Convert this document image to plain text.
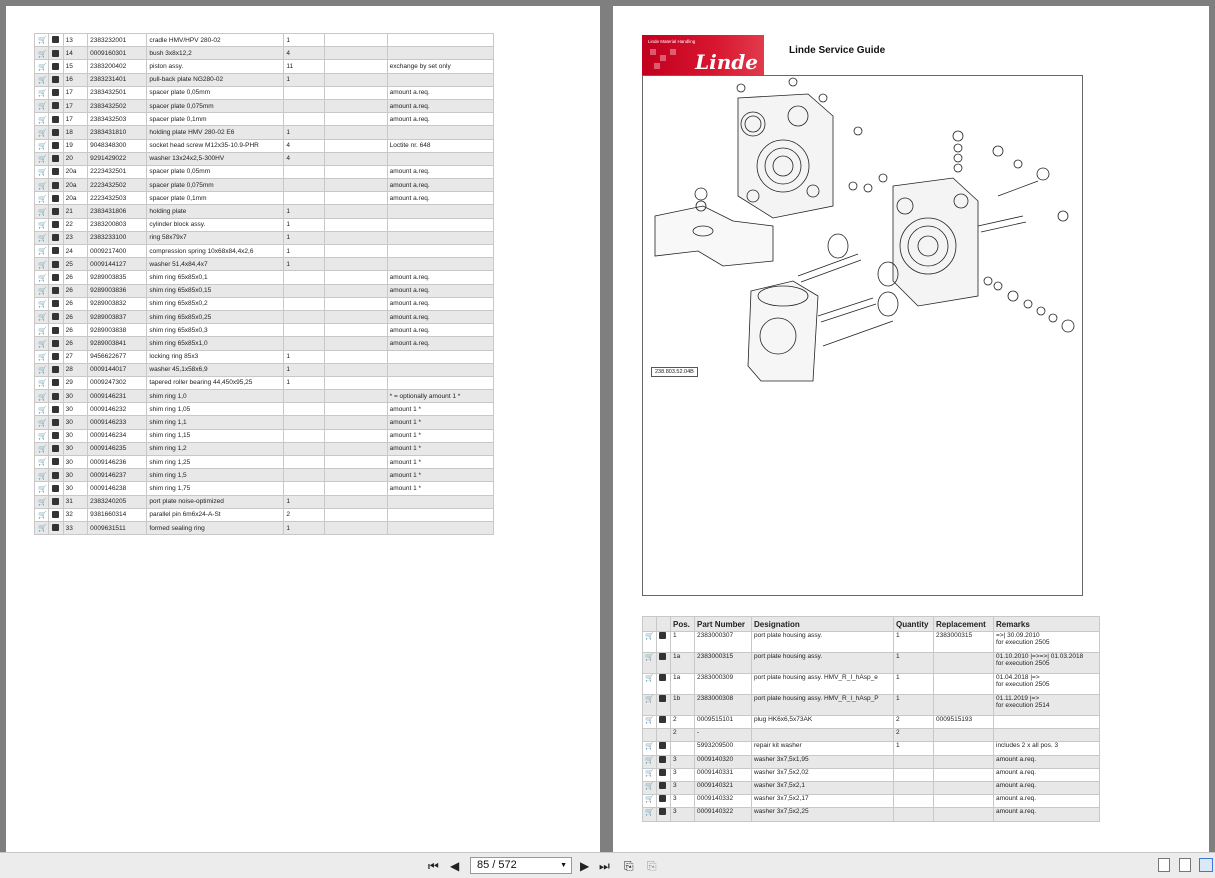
🛒		13	2383232001	cradle HMV/HPV 280-02	1		
🛒		14	0009160301	bush 3x8x12,2	4		
🛒		15	2383200402	piston assy.	11		exchange by set only
🛒		16	2383231401	pull-back plate NG280-02	1		
🛒		17	2383432501	spacer plate 0,05mm			amount a.req.
🛒		17	2383432502	spacer plate 0,075mm			amount a.req.
🛒		17	2383432503	spacer plate 0,1mm			amount a.req.
🛒		18	2383431810	holding plate HMV 280-02 E6	1		
🛒		19	9048348300	socket head screw M12x35-10.9-PHR	4		Loctite nr. 648
🛒		20	9291429022	washer 13x24x2,5-300HV	4		
🛒		20a	2223432501	spacer plate 0,05mm			amount a.req.
🛒		20a	2223432502	spacer plate 0,075mm			amount a.req.
🛒		20a	2223432503	spacer plate 0,1mm			amount a.req.
🛒		21	2383431806	holding plate	1		
🛒		22	2383200803	cylinder block assy.	1		
🛒		23	2383233100	ring 58x79x7	1		
🛒		24	0009217400	compression spring 10x68x84,4x2,6	1		
🛒		25	0009144127	washer 51,4x84,4x7	1		
🛒		26	9289003835	shim ring 65x85x0,1			amount a.req.
🛒		26	9289003836	shim ring 65x85x0,15			amount a.req.
🛒		26	9289003832	shim ring 65x85x0,2			amount a.req.
🛒		26	9289003837	shim ring 65x85x0,25			amount a.req.
🛒		26	9289003838	shim ring 65x85x0,3			amount a.req.
🛒		26	9289003841	shim ring 65x85x1,0			amount a.req.
🛒		27	9456622677	locking ring 85x3	1		
🛒		28	0009144017	washer 45,1x58x6,9	1		
🛒		29	0009247302	tapered roller bearing 44,450x95,25	1		
🛒		30	0009146231	shim ring 1,0			* = optionally amount 1 *
🛒		30	0009146232	shim ring 1,05			amount 1 *
🛒		30	0009146233	shim ring 1,1			amount 1 *
🛒		30	0009146234	shim ring 1,15			amount 1 *
🛒		30	0009146235	shim ring 1,2			amount 1 *
🛒		30	0009146236	shim ring 1,25			amount 1 *
🛒		30	0009146237	shim ring 1,5			amount 1 *
🛒		30	0009146238	shim ring 1,75			amount 1 *
🛒		31	2383240205	port plate noise-optimized	1		
🛒		32	9381660314	parallel pin 6m6x24-A-St	2		
🛒		33	0009631511	formed sealing ring	1		
Linde Material Handling
Linde	Linde Service Guide
238.803.52.04B
		Pos.	Part Number	Designation	Quantity	Replacement	Remarks
🛒		1	2383000307	port plate housing assy.	1	2383000315	=>| 30.09.2010
for execution 2505

🛒		1a	2383000315	port plate housing assy.	1		01.10.2010 |=>=>| 01.03.2018
for execution 2505

🛒		1a	2383000309	port plate housing assy. HMV_R_I_hAsp_e	1		01.04.2018 |=>
for execution 2505

🛒		1b	2383000308	port plate housing assy. HMV_R_I_hAsp_P	1		01.11.2019 |=>
for execution 2514

🛒		2	0009515101	plug HK6x6,5x73AK	2	0009515193	

		2	-		2		

🛒			5993209500	repair kit washer	1		includes 2 x all pos. 3

🛒		3	0009140320	washer 3x7,5x1,95			amount a.req.

🛒		3	0009140331	washer 3x7,5x2,02			amount a.req.

🛒		3	0009140321	washer 3x7,5x2,1			amount a.req.

🛒		3	0009140332	washer 3x7,5x2,17			amount a.req.

🛒		3	0009140322	washer 3x7,5x2,25			amount a.req.
⏮ ◀	85 / 572	▼ ▶ ⏭ ⎘ ⎘
